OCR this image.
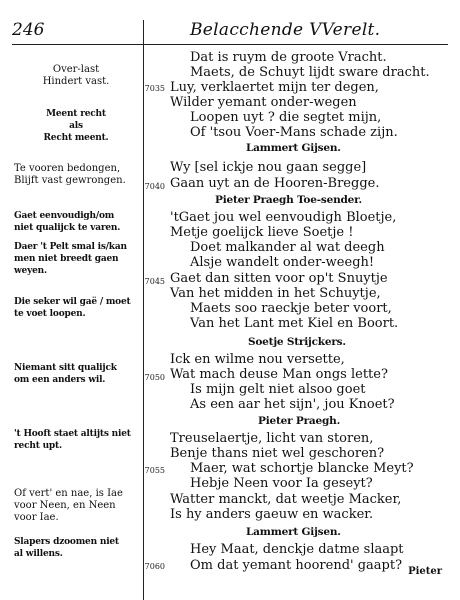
246	Belacchende VVerelt.
Over-last
Hindert vast.
Meent recht
als
Recht meent.
Te vooren bedongen,
Blijft vast gewrongen.
Gaet eenvoudigh/om
niet qualijck te varen.
Daer 't Pelt smal is/kan
men niet breedt gaen
weyen.
Die seker wil gaë / moet
te voet loopen.
Niemant sitt qualijck
om een anders wil.
't Hooft staet altijts niet
recht upt.
Of vert' en nae, is Iae
voor Neen, en Neen
voor Iae.
Slapers dzoomen niet
al willens.
7035
7040
7045
7050
7055
7060
Dat is ruym de groote Vracht.
Maets, de Schuyt lijdt sware dracht.
Luy, verklaertet mijn ter degen,
Wilder yemant onder-wegen
Loopen uyt ? die segtet mijn,
Of 'tsou Voer-Mans schade zijn.
Lammert Gijsen.
Wy [sel ickje nou gaan segge]
Gaan uyt an de Hooren-Bregge.
Pieter Praegh Toe-sender.
'tGaet jou wel eenvoudigh Bloetje,
Metje goelijck lieve Soetje !
Doet malkander al wat deegh
Alsje wandelt onder-weegh!
Gaet dan sitten voor op't Snuytje
Van het midden in het Schuytje,
Maets soo raeckje beter voort,
Van het Lant met Kiel en Boort.
Soetje Strijckers.
Ick en wilme nou versette,
Wat mach deuse Man ongs lette?
Is mijn gelt niet alsoo goet
As een aar het sijn', jou Knoet?
Pieter Praegh.
Treuselaertje, licht van storen,
Benje thans niet wel geschoren?
Maer, wat schortje blancke Meyt?
Hebje Neen voor Ia geseyt?
Watter manckt, dat weetje Macker,
Is hy anders gaeuw en wacker.
Lammert Gijsen.
Hey Maat, denckje datme slaapt
Om dat yemant hoorend' gaapt? Pieter
